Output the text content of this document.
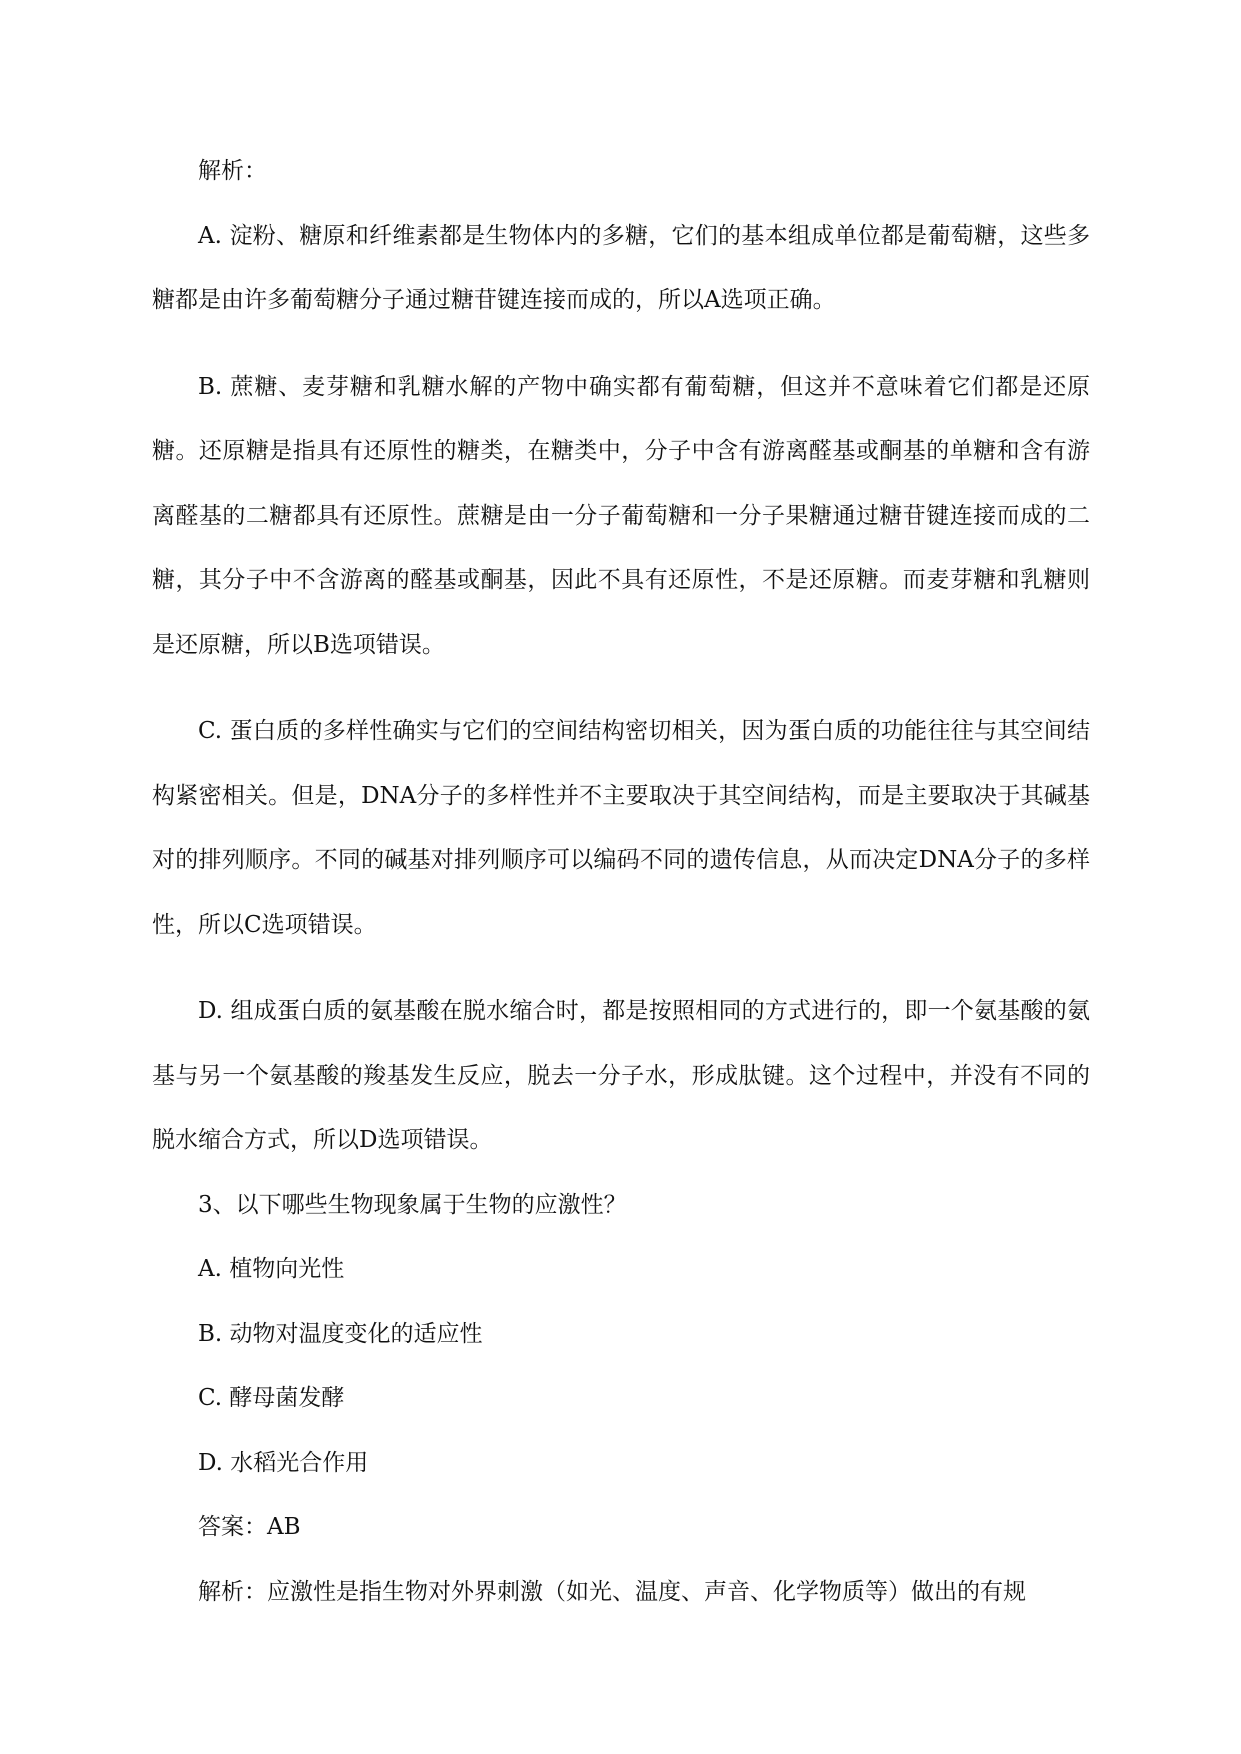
解析：

A. 淀粉、糖原和纤维素都是生物体内的多糖，它们的基本组成单位都是葡萄糖，这些多糖都是由许多葡萄糖分子通过糖苷键连接而成的，所以A选项正确。

B. 蔗糖、麦芽糖和乳糖水解的产物中确实都有葡萄糖，但这并不意味着它们都是还原糖。还原糖是指具有还原性的糖类，在糖类中，分子中含有游离醛基或酮基的单糖和含有游离醛基的二糖都具有还原性。蔗糖是由一分子葡萄糖和一分子果糖通过糖苷键连接而成的二糖，其分子中不含游离的醛基或酮基，因此不具有还原性，不是还原糖。而麦芽糖和乳糖则是还原糖，所以B选项错误。

C. 蛋白质的多样性确实与它们的空间结构密切相关，因为蛋白质的功能往往与其空间结构紧密相关。但是，DNA分子的多样性并不主要取决于其空间结构，而是主要取决于其碱基对的排列顺序。不同的碱基对排列顺序可以编码不同的遗传信息，从而决定DNA分子的多样性，所以C选项错误。

D. 组成蛋白质的氨基酸在脱水缩合时，都是按照相同的方式进行的，即一个氨基酸的氨基与另一个氨基酸的羧基发生反应，脱去一分子水，形成肽键。这个过程中，并没有不同的脱水缩合方式，所以D选项错误。

3、以下哪些生物现象属于生物的应激性？

A. 植物向光性

B. 动物对温度变化的适应性

C. 酵母菌发酵

D. 水稻光合作用

答案：AB

解析：应激性是指生物对外界刺激（如光、温度、声音、化学物质等）做出的有规
